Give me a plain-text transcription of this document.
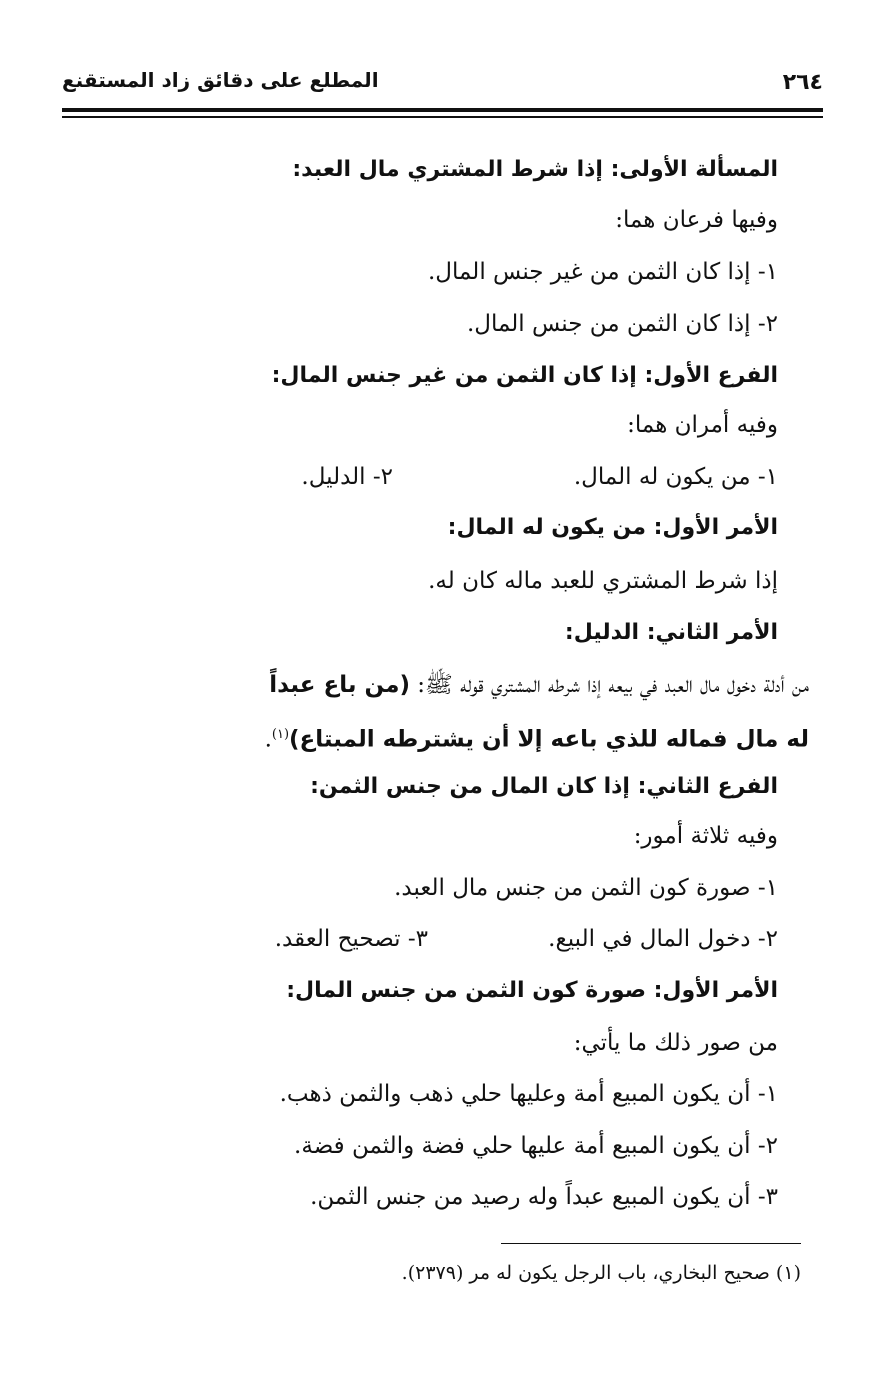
٢٦٤
المطلع على دقائق زاد المستقنع
المسألة الأولى: إذا شرط المشتري مال العبد:
وفيها فرعان هما:
١- إذا كان الثمن من غير جنس المال.
٢- إذا كان الثمن من جنس المال.
الفرع الأول: إذا كان الثمن من غير جنس المال:
وفيه أمران هما:
١- من يكون له المال.
٢- الدليل.
الأمر الأول: من يكون له المال:
إذا شرط المشتري للعبد ماله كان له.
الأمر الثاني: الدليل:
من أدلة دخول مال العبد في بيعه إذا شرطه المشتري قوله ﷺ: (من باع عبداً
له مال فماله للذي باعه إلا أن يشترطه المبتاع)$^{(١)}$.
الفرع الثاني: إذا كان المال من جنس الثمن:
وفيه ثلاثة أمور:
١- صورة كون الثمن من جنس مال العبد.
٢- دخول المال في البيع.
٣- تصحيح العقد.
الأمر الأول: صورة كون الثمن من جنس المال:
من صور ذلك ما يأتي:
١- أن يكون المبيع أمة وعليها حلي ذهب والثمن ذهب.
٢- أن يكون المبيع أمة عليها حلي فضة والثمن فضة.
٣- أن يكون المبيع عبداً وله رصيد من جنس الثمن.
(١) صحيح البخاري، باب الرجل يكون له مر (٢٣٧٩).
